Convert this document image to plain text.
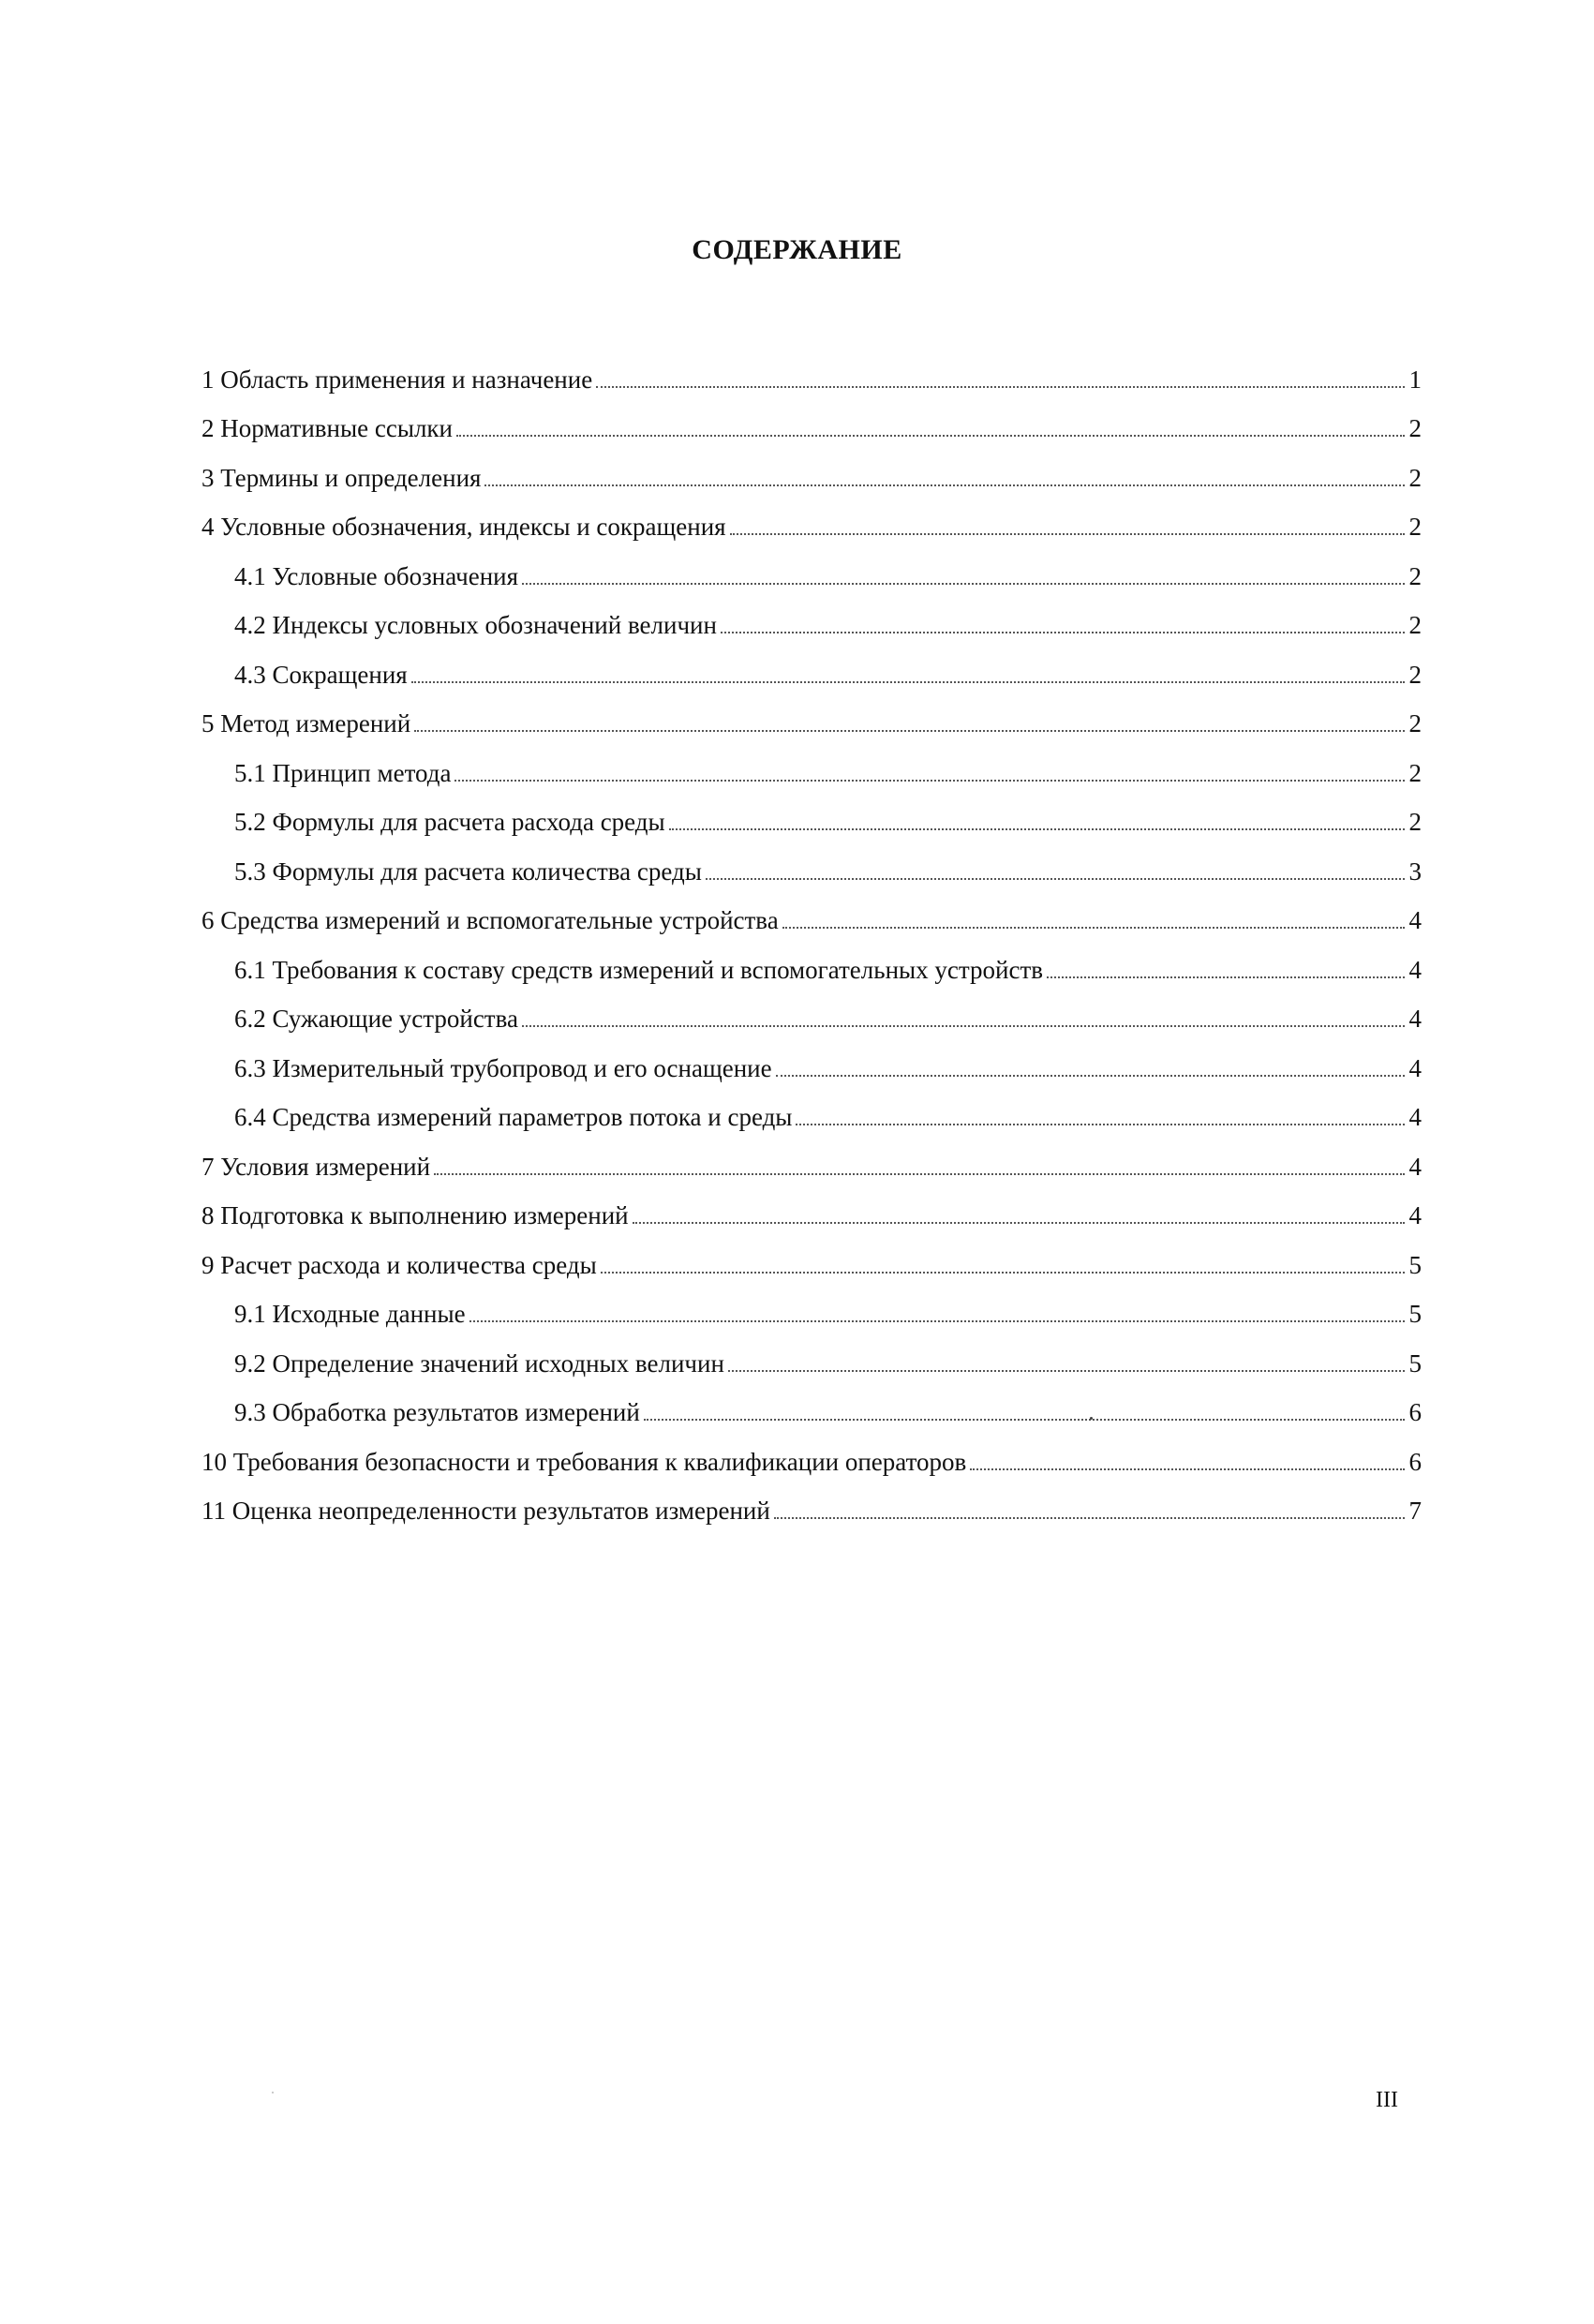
СОДЕРЖАНИЕ
1 Область применения и назначение	1
2 Нормативные ссылки	2
3 Термины и определения	2
4 Условные обозначения, индексы и сокращения	2
4.1 Условные обозначения	2
4.2 Индексы условных обозначений величин	2
4.3 Сокращения	2
5 Метод измерений	2
5.1 Принцип метода	2
5.2 Формулы для расчета расхода среды	2
5.3 Формулы для расчета количества среды	3
6 Средства измерений и вспомогательные устройства	4
6.1 Требования к составу средств измерений и вспомогательных устройств	4
6.2 Сужающие устройства	4
6.3 Измерительный трубопровод и его оснащение	4
6.4 Средства измерений параметров потока и среды	4
7 Условия измерений	4
8 Подготовка к выполнению измерений	4
9 Расчет расхода и количества среды	5
9.1 Исходные данные	5
9.2 Определение значений исходных величин	5
9.3 Обработка результатов измерений	6
10 Требования безопасности и требования к квалификации операторов	6
11 Оценка неопределенности результатов измерений	7
III
